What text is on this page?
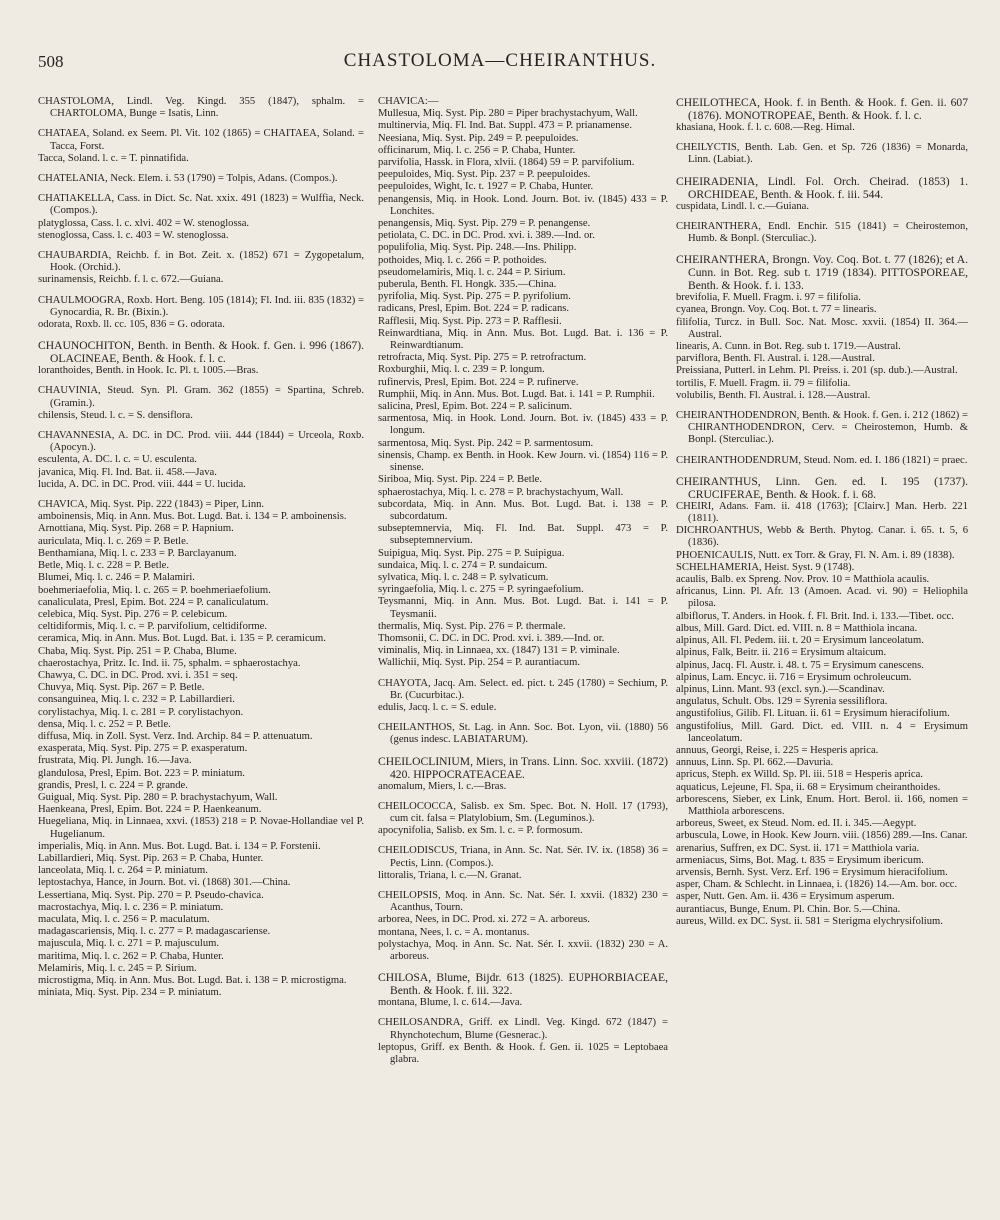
508	CHASTOLOMA—CHEIRANTHUS.

CHASTOLOMA, Lindl. Veg. Kingd. 355 (1847), sphalm. = CHARTOLOMA, Bunge = Isatis, Linn.

CHATAEA, Soland. ex Seem. Pl. Vit. 102 (1865) = CHAITAEA, Soland. = Tacca, Forst.

Tacca, Soland. l. c. = T. pinnatifida.

CHATELANIA, Neck. Elem. i. 53 (1790) = Tolpis, Adans. (Compos.).

CHATIAKELLA, Cass. in Dict. Sc. Nat. xxix. 491 (1823) = Wulffia, Neck. (Compos.).

platyglossa, Cass. l. c. xlvi. 402 = W. stenoglossa.

stenoglossa, Cass. l. c. 403 = W. stenoglossa.

CHAUBARDIA, Reichb. f. in Bot. Zeit. x. (1852) 671 = Zygopetalum, Hook. (Orchid.).

surinamensis, Reichb. f. l. c. 672.—Guiana.

CHAULMOOGRA, Roxb. Hort. Beng. 105 (1814); Fl. Ind. iii. 835 (1832) = Gynocardia, R. Br. (Bixin.).

odorata, Roxb. ll. cc. 105, 836 = G. odorata.

CHAUNOCHITON, Benth. in Benth. & Hook. f. Gen. i. 996 (1867). OLACINEAE, Benth. & Hook. f. l. c.

loranthoides, Benth. in Hook. Ic. Pl. t. 1005.—Bras.

CHAUVINIA, Steud. Syn. Pl. Gram. 362 (1855) = Spartina, Schreb. (Gramin.).

chilensis, Steud. l. c. = S. densiflora.

CHAVANNESIA, A. DC. in DC. Prod. viii. 444 (1844) = Urceola, Roxb. (Apocyn.).

esculenta, A. DC. l. c. = U. esculenta.

javanica, Miq. Fl. Ind. Bat. ii. 458.—Java.

lucida, A. DC. in DC. Prod. viii. 444 = U. lucida.

CHAVICA, Miq. Syst. Pip. 222 (1843) = Piper, Linn.

amboinensis, Miq. in Ann. Mus. Bot. Lugd. Bat. i. 134 = P. amboinensis.

Arnottiana, Miq. Syst. Pip. 268 = P. Hapnium.

auriculata, Miq. l. c. 269 = P. Betle.

Benthamiana, Miq. l. c. 233 = P. Barclayanum.

Betle, Miq. l. c. 228 = P. Betle.

Blumei, Miq. l. c. 246 = P. Malamiri.

boehmeriaefolia, Miq. l. c. 265 = P. boehmeriaefolium.

canaliculata, Presl, Epim. Bot. 224 = P. canaliculatum.

celebica, Miq. Syst. Pip. 276 = P. celebicum.

celtidiformis, Miq. l. c. = P. parvifolium, celtidiforme.

ceramica, Miq. in Ann. Mus. Bot. Lugd. Bat. i. 135 = P. ceramicum.

Chaba, Miq. Syst. Pip. 251 = P. Chaba, Blume.

chaerostachya, Pritz. Ic. Ind. ii. 75, sphalm. = sphaerostachya.

Chawya, C. DC. in DC. Prod. xvi. i. 351 = seq.

Chuvya, Miq. Syst. Pip. 267 = P. Betle.

consanguinea, Miq. l. c. 232 = P. Labillardieri.

corylistachya, Miq. l. c. 281 = P. corylistachyon.

densa, Miq. l. c. 252 = P. Betle.

diffusa, Miq. in Zoll. Syst. Verz. Ind. Archip. 84 = P. attenuatum.

exasperata, Miq. Syst. Pip. 275 = P. exasperatum.

frustrata, Miq. Pl. Jungh. 16.—Java.

glandulosa, Presl, Epim. Bot. 223 = P. miniatum.

grandis, Presl, l. c. 224 = P. grande.

Guigual, Miq. Syst. Pip. 280 = P. brachystachyum, Wall.

Haenkeana, Presl, Epim. Bot. 224 = P. Haenkeanum.

Huegeliana, Miq. in Linnaea, xxvi. (1853) 218 = P. Novae-Hollandiae vel P. Hugelianum.

imperialis, Miq. in Ann. Mus. Bot. Lugd. Bat. i. 134 = P. Forstenii.

Labillardieri, Miq. Syst. Pip. 263 = P. Chaba, Hunter.

lanceolata, Miq. l. c. 264 = P. miniatum.

leptostachya, Hance, in Journ. Bot. vi. (1868) 301.—China.

Lessertiana, Miq. Syst. Pip. 270 = P. Pseudo-chavica.

macrostachya, Miq. l. c. 236 = P. miniatum.

maculata, Miq. l. c. 256 = P. maculatum.

madagascariensis, Miq. l. c. 277 = P. madagascariense.

majuscula, Miq. l. c. 271 = P. majusculum.

maritima, Miq. l. c. 262 = P. Chaba, Hunter.

Melamiris, Miq. l. c. 245 = P. Sirium.

microstigma, Miq. in Ann. Mus. Bot. Lugd. Bat. i. 138 = P. microstigma.

miniata, Miq. Syst. Pip. 234 = P. miniatum.

CHAVICA:—

Mullesua, Miq. Syst. Pip. 280 = Piper brachystachyum, Wall.

multinervia, Miq. Fl. Ind. Bat. Suppl. 473 = P. prianamense.

Neesiana, Miq. Syst. Pip. 249 = P. peepuloides.

officinarum, Miq. l. c. 256 = P. Chaba, Hunter.

parvifolia, Hassk. in Flora, xlvii. (1864) 59 = P. parvifolium.

peepuloides, Miq. Syst. Pip. 237 = P. peepuloides.

peepuloides, Wight, Ic. t. 1927 = P. Chaba, Hunter.

penangensis, Miq. in Hook. Lond. Journ. Bot. iv. (1845) 433 = P. Lonchites.

penangensis, Miq. Syst. Pip. 279 = P. penangense.

petiolata, C. DC. in DC. Prod. xvi. i. 389.—Ind. or.

populifolia, Miq. Syst. Pip. 248.—Ins. Philipp.

pothoides, Miq. l. c. 266 = P. pothoides.

pseudomelamiris, Miq. l. c. 244 = P. Sirium.

puberula, Benth. Fl. Hongk. 335.—China.

pyrifolia, Miq. Syst. Pip. 275 = P. pyrifolium.

radicans, Presl, Epim. Bot. 224 = P. radicans.

Rafflesii, Miq. Syst. Pip. 273 = P. Rafflesii.

Reinwardtiana, Miq. in Ann. Mus. Bot. Lugd. Bat. i. 136 = P. Reinwardtianum.

retrofracta, Miq. Syst. Pip. 275 = P. retrofractum.

Roxburghii, Miq. l. c. 239 = P. longum.

rufinervis, Presl, Epim. Bot. 224 = P. rufinerve.

Rumphii, Miq. in Ann. Mus. Bot. Lugd. Bat. i. 141 = P. Rumphii.

salicina, Presl, Epim. Bot. 224 = P. salicinum.

sarmentosa, Miq. in Hook. Lond. Journ. Bot. iv. (1845) 433 = P. longum.

sarmentosa, Miq. Syst. Pip. 242 = P. sarmentosum.

sinensis, Champ. ex Benth. in Hook. Kew Journ. vi. (1854) 116 = P. sinense.

Siriboa, Miq. Syst. Pip. 224 = P. Betle.

sphaerostachya, Miq. l. c. 278 = P. brachystachyum, Wall.

subcordata, Miq. in Ann. Mus. Bot. Lugd. Bat. i. 138 = P. subcordatum.

subseptemnervia, Miq. Fl. Ind. Bat. Suppl. 473 = P. subseptemnervium.

Suipigua, Miq. Syst. Pip. 275 = P. Suipigua.

sundaica, Miq. l. c. 274 = P. sundaicum.

sylvatica, Miq. l. c. 248 = P. sylvaticum.

syringaefolia, Miq. l. c. 275 = P. syringaefolium.

Teysmanni, Miq. in Ann. Mus. Bot. Lugd. Bat. i. 141 = P. Teysmanii.

thermalis, Miq. Syst. Pip. 276 = P. thermale.

Thomsonii, C. DC. in DC. Prod. xvi. i. 389.—Ind. or.

viminalis, Miq. in Linnaea, xx. (1847) 131 = P. viminale.

Wallichii, Miq. Syst. Pip. 254 = P. aurantiacum.

CHAYOTA, Jacq. Am. Select. ed. pict. t. 245 (1780) = Sechium, P. Br. (Cucurbitac.).

edulis, Jacq. l. c. = S. edule.

CHEILANTHOS, St. Lag. in Ann. Soc. Bot. Lyon, vii. (1880) 56 (genus indesc. LABIATARUM).

CHEILOCLINIUM, Miers, in Trans. Linn. Soc. xxviii. (1872) 420. HIPPOCRATEACEAE.

anomalum, Miers, l. c.—Bras.

CHEILOCOCCA, Salisb. ex Sm. Spec. Bot. N. Holl. 17 (1793), cum cit. falsa = Platylobium, Sm. (Leguminos.).

apocynifolia, Salisb. ex Sm. l. c. = P. formosum.

CHEILODISCUS, Triana, in Ann. Sc. Nat. Sér. IV. ix. (1858) 36 = Pectis, Linn. (Compos.).

littoralis, Triana, l. c.—N. Granat.

CHEILOPSIS, Moq. in Ann. Sc. Nat. Sér. I. xxvii. (1832) 230 = Acanthus, Tourn.

arborea, Nees, in DC. Prod. xi. 272 = A. arboreus.

montana, Nees, l. c. = A. montanus.

polystachya, Moq. in Ann. Sc. Nat. Sér. I. xxvii. (1832) 230 = A. arboreus.

CHILOSA, Blume, Bijdr. 613 (1825). EUPHORBIACEAE, Benth. & Hook. f. iii. 322.

montana, Blume, l. c. 614.—Java.

CHEILOSANDRA, Griff. ex Lindl. Veg. Kingd. 672 (1847) = Rhynchotechum, Blume (Gesnerac.).

leptopus, Griff. ex Benth. & Hook. f. Gen. ii. 1025 = Leptobaea glabra.

CHEILOTHECA, Hook. f. in Benth. & Hook. f. Gen. ii. 607 (1876). MONOTROPEAE, Benth. & Hook. f. l. c.

khasiana, Hook. f. l. c. 608.—Reg. Himal.

CHEILYCTIS, Benth. Lab. Gen. et Sp. 726 (1836) = Monarda, Linn. (Labiat.).

CHEIRADENIA, Lindl. Fol. Orch. Cheirad. (1853) 1. ORCHIDEAE, Benth. & Hook. f. iii. 544.

cuspidata, Lindl. l. c.—Guiana.

CHEIRANTHERA, Endl. Enchir. 515 (1841) = Cheirostemon, Humb. & Bonpl. (Sterculiac.).

CHEIRANTHERA, Brongn. Voy. Coq. Bot. t. 77 (1826); et A. Cunn. in Bot. Reg. sub t. 1719 (1834). PITTOSPOREAE, Benth. & Hook. f. i. 133.

brevifolia, F. Muell. Fragm. i. 97 = filifolia.

cyanea, Brongn. Voy. Coq. Bot. t. 77 = linearis.

filifolia, Turcz. in Bull. Soc. Nat. Mosc. xxvii. (1854) II. 364.—Austral.

linearis, A. Cunn. in Bot. Reg. sub t. 1719.—Austral.

parviflora, Benth. Fl. Austral. i. 128.—Austral.

Preissiana, Putterl. in Lehm. Pl. Preiss. i. 201 (sp. dub.).—Austral.

tortilis, F. Muell. Fragm. ii. 79 = filifolia.

volubilis, Benth. Fl. Austral. i. 128.—Austral.

CHEIRANTHODENDRON, Benth. & Hook. f. Gen. i. 212 (1862) = CHIRANTHODENDRON, Cerv. = Cheirostemon, Humb. & Bonpl. (Sterculiac.).

CHEIRANTHODENDRUM, Steud. Nom. ed. I. 186 (1821) = praec.

CHEIRANTHUS, Linn. Gen. ed. I. 195 (1737). CRUCIFERAE, Benth. & Hook. f. i. 68.

CHEIRI, Adans. Fam. ii. 418 (1763); [Clairv.] Man. Herb. 221 (1811).

DICHROANTHUS, Webb & Berth. Phytog. Canar. i. 65. t. 5, 6 (1836).

PHOENICAULIS, Nutt. ex Torr. & Gray, Fl. N. Am. i. 89 (1838).

SCHELHAMERIA, Heist. Syst. 9 (1748).

acaulis, Balb. ex Spreng. Nov. Prov. 10 = Matthiola acaulis.

africanus, Linn. Pl. Afr. 13 (Amoen. Acad. vi. 90) = Heliophila pilosa.

albiflorus, T. Anders. in Hook. f. Fl. Brit. Ind. i. 133.—Tibet. occ.

albus, Mill. Gard. Dict. ed. VIII. n. 8 = Matthiola incana.

alpinus, All. Fl. Pedem. iii. t. 20 = Erysimum lanceolatum.

alpinus, Falk, Beitr. ii. 216 = Erysimum altaicum.

alpinus, Jacq. Fl. Austr. i. 48. t. 75 = Erysimum canescens.

alpinus, Lam. Encyc. ii. 716 = Erysimum ochroleucum.

alpinus, Linn. Mant. 93 (excl. syn.).—Scandinav.

angulatus, Schult. Obs. 129 = Syrenia sessiliflora.

angustifolius, Gilib. Fl. Lituan. ii. 61 = Erysimum hieracifolium.

angustifolius, Mill. Gard. Dict. ed. VIII. n. 4 = Erysimum lanceolatum.

annuus, Georgi, Reise, i. 225 = Hesperis aprica.

annuus, Linn. Sp. Pl. 662.—Davuria.

apricus, Steph. ex Willd. Sp. Pl. iii. 518 = Hesperis aprica.

aquaticus, Lejeune, Fl. Spa, ii. 68 = Erysimum cheiranthoides.

arborescens, Sieber, ex Link, Enum. Hort. Berol. ii. 166, nomen = Matthiola arborescens.

arboreus, Sweet, ex Steud. Nom. ed. II. i. 345.—Aegypt.

arbuscula, Lowe, in Hook. Kew Journ. viii. (1856) 289.—Ins. Canar.

arenarius, Suffren, ex DC. Syst. ii. 171 = Matthiola varia.

armeniacus, Sims, Bot. Mag. t. 835 = Erysimum ibericum.

arvensis, Bernh. Syst. Verz. Erf. 196 = Erysimum hieracifolium.

asper, Cham. & Schlecht. in Linnaea, i. (1826) 14.—Am. bor. occ.

asper, Nutt. Gen. Am. ii. 436 = Erysimum asperum.

aurantiacus, Bunge, Enum. Pl. Chin. Bor. 5.—China.

aureus, Willd. ex DC. Syst. ii. 581 = Sterigma elychrysifolium.
